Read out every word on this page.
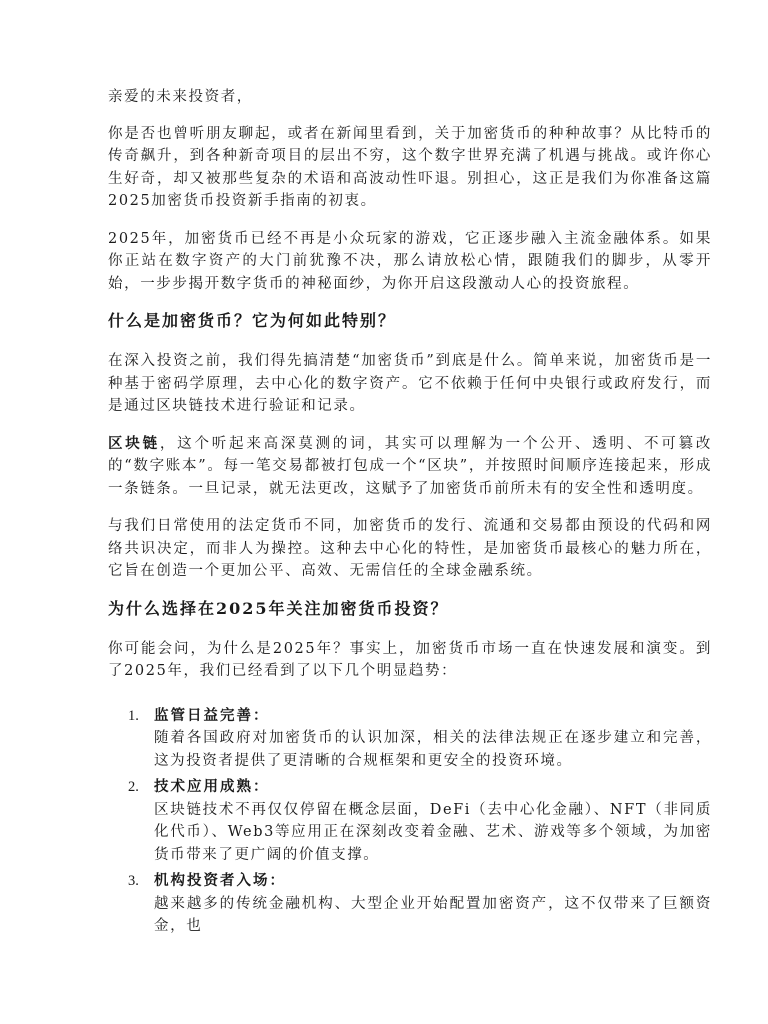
亲爱的未来投资者，

你是否也曾听朋友聊起，或者在新闻里看到，关于加密货币的种种故事？从比特币的传奇飙升，到各种新奇项目的层出不穷，这个数字世界充满了机遇与挑战。或许你心生好奇，却又被那些复杂的术语和高波动性吓退。别担心，这正是我们为你准备这篇2025加密货币投资新手指南的初衷。

2025年，加密货币已经不再是小众玩家的游戏，它正逐步融入主流金融体系。如果你正站在数字资产的大门前犹豫不决，那么请放松心情，跟随我们的脚步，从零开始，一步步揭开数字货币的神秘面纱，为你开启这段激动人心的投资旅程。

什么是加密货币？它为何如此特别？

在深入投资之前，我们得先搞清楚“加密货币”到底是什么。简单来说，加密货币是一种基于密码学原理，去中心化的数字资产。它不依赖于任何中央银行或政府发行，而是通过区块链技术进行验证和记录。

区块链，这个听起来高深莫测的词，其实可以理解为一个公开、透明、不可篡改的“数字账本”。每一笔交易都被打包成一个“区块”，并按照时间顺序连接起来，形成一条链条。一旦记录，就无法更改，这赋予了加密货币前所未有的安全性和透明度。

与我们日常使用的法定货币不同，加密货币的发行、流通和交易都由预设的代码和网络共识决定，而非人为操控。这种去中心化的特性，是加密货币最核心的魅力所在，它旨在创造一个更加公平、高效、无需信任的全球金融系统。

为什么选择在2025年关注加密货币投资？

你可能会问，为什么是2025年？事实上，加密货币市场一直在快速发展和演变。到了2025年，我们已经看到了以下几个明显趋势：

1. 监管日益完善：
随着各国政府对加密货币的认识加深，相关的法律法规正在逐步建立和完善，这为投资者提供了更清晰的合规框架和更安全的投资环境。
2. 技术应用成熟：
区块链技术不再仅仅停留在概念层面，DeFi（去中心化金融）、NFT（非同质化代币）、Web3等应用正在深刻改变着金融、艺术、游戏等多个领域，为加密货币带来了更广阔的价值支撑。
3. 机构投资者入场：
越来越多的传统金融机构、大型企业开始配置加密资产，这不仅带来了巨额资金，也
